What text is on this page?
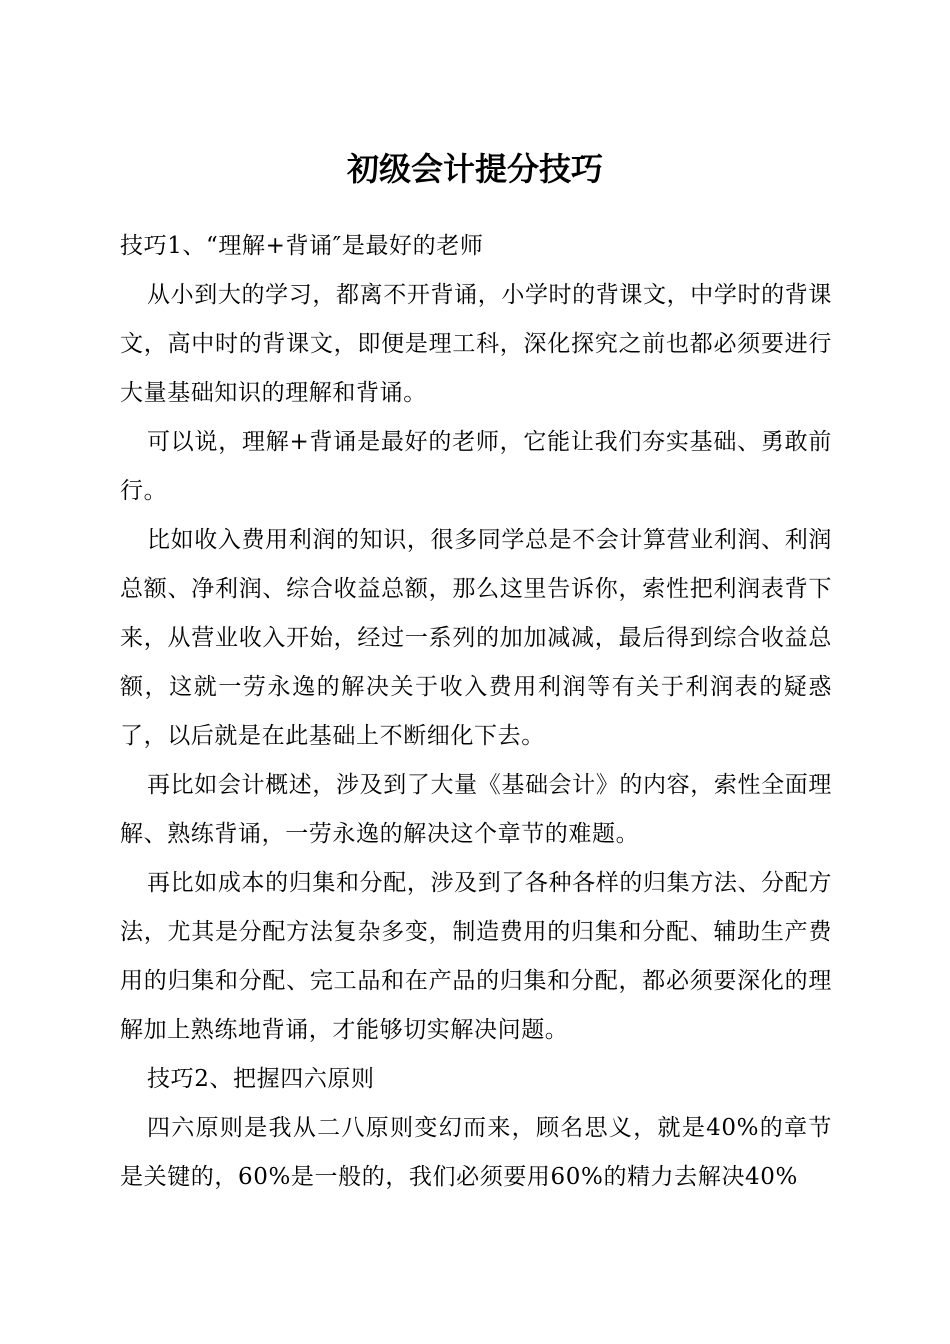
初级会计提分技巧

技巧1、“理解+背诵″是最好的老师

从小到大的学习，都离不开背诵，小学时的背课文，中学时的背课文，高中时的背课文，即便是理工科，深化探究之前也都必须要进行大量基础知识的理解和背诵。

可以说，理解+背诵是最好的老师，它能让我们夯实基础、勇敢前行。

比如收入费用利润的知识，很多同学总是不会计算营业利润、利润总额、净利润、综合收益总额，那么这里告诉你，索性把利润表背下来，从营业收入开始，经过一系列的加加减减，最后得到综合收益总额，这就一劳永逸的解决关于收入费用利润等有关于利润表的疑惑了，以后就是在此基础上不断细化下去。

再比如会计概述，涉及到了大量《基础会计》的内容，索性全面理解、熟练背诵，一劳永逸的解决这个章节的难题。

再比如成本的归集和分配，涉及到了各种各样的归集方法、分配方法，尤其是分配方法复杂多变，制造费用的归集和分配、辅助生产费用的归集和分配、完工品和在产品的归集和分配，都必须要深化的理解加上熟练地背诵，才能够切实解决问题。

技巧2、把握四六原则

四六原则是我从二八原则变幻而来，顾名思义，就是40%的章节是关键的，60%是一般的，我们必须要用60%的精力去解决40%
